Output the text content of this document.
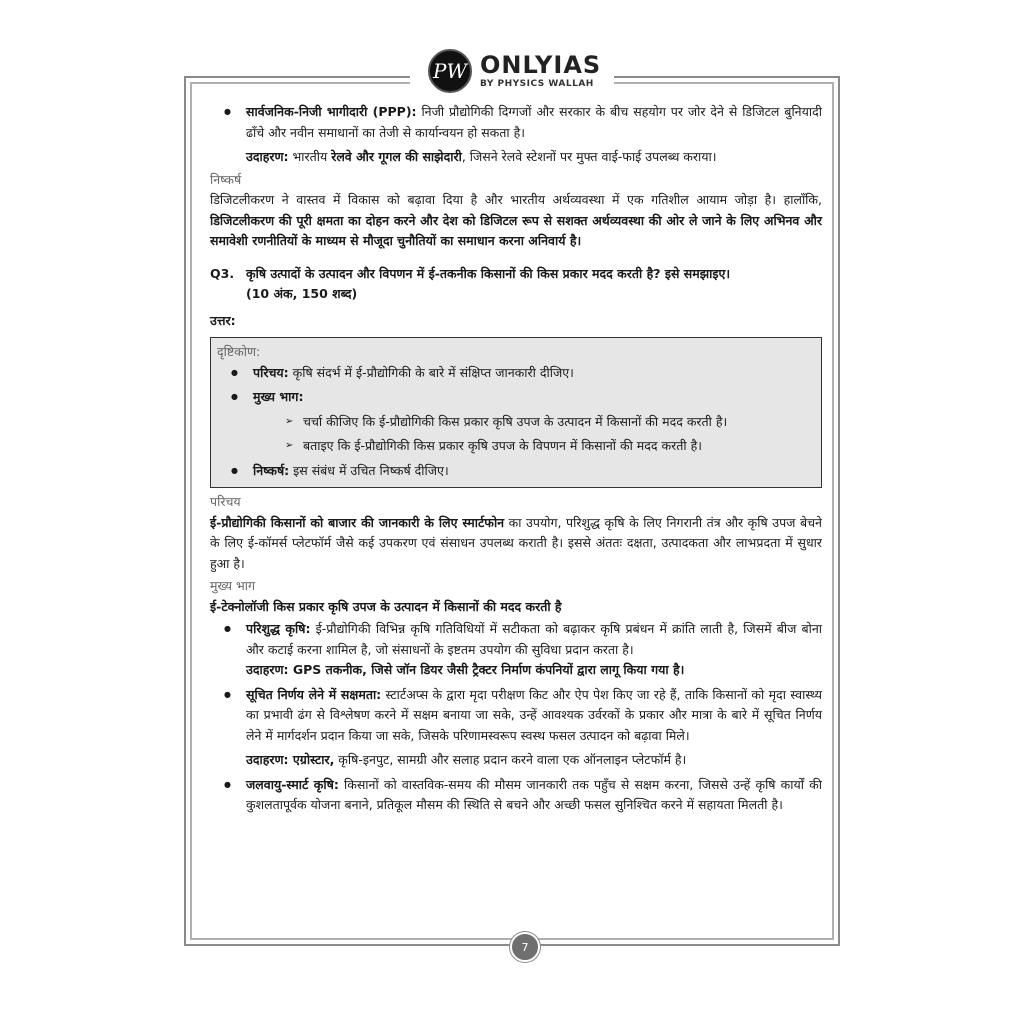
PW ONLYIAS
BY PHYSICS WALLAH
● सार्वजनिक-निजी भागीदारी (PPP): निजी प्रौद्योगिकी दिग्गजों और सरकार के बीच सहयोग पर जोर देने से डिजिटल बुनियादी ढाँचे और नवीन समाधानों का तेजी से कार्यान्वयन हो सकता है।
उदाहरण: भारतीय रेलवे और गूगल की साझेदारी, जिसने रेलवे स्टेशनों पर मुफ्त वाई-फाई उपलब्ध कराया।
निष्कर्ष
डिजिटलीकरण ने वास्तव में विकास को बढ़ावा दिया है और भारतीय अर्थव्यवस्था में एक गतिशील आयाम जोड़ा है। हालाँकि, डिजिटलीकरण की पूरी क्षमता का दोहन करने और देश को डिजिटल रूप से सशक्त अर्थव्यवस्था की ओर ले जाने के लिए अभिनव और समावेशी रणनीतियों के माध्यम से मौजूदा चुनौतियों का समाधान करना अनिवार्य है।
Q3. कृषि उत्पादों के उत्पादन और विपणन में ई-तकनीक किसानों की किस प्रकार मदद करती है? इसे समझाइए।
(10 अंक, 150 शब्द)
उत्तर:
दृष्टिकोण:
● परिचय: कृषि संदर्भ में ई-प्रौद्योगिकी के बारे में संक्षिप्त जानकारी दीजिए।
● मुख्य भाग:
➢ चर्चा कीजिए कि ई-प्रौद्योगिकी किस प्रकार कृषि उपज के उत्पादन में किसानों की मदद करती है।
➢ बताइए कि ई-प्रौद्योगिकी किस प्रकार कृषि उपज के विपणन में किसानों की मदद करती है।
● निष्कर्ष: इस संबंध में उचित निष्कर्ष दीजिए।
परिचय
ई-प्रौद्योगिकी किसानों को बाजार की जानकारी के लिए स्मार्टफोन का उपयोग, परिशुद्ध कृषि के लिए निगरानी तंत्र और कृषि उपज बेचने के लिए ई-कॉमर्स प्लेटफॉर्म जैसे कई उपकरण एवं संसाधन उपलब्ध कराती है। इससे अंततः दक्षता, उत्पादकता और लाभप्रदता में सुधार हुआ है।
मुख्य भाग
ई-टेक्नोलॉजी किस प्रकार कृषि उपज के उत्पादन में किसानों की मदद करती है
● परिशुद्ध कृषि: ई-प्रौद्योगिकी विभिन्न कृषि गतिविधियों में सटीकता को बढ़ाकर कृषि प्रबंधन में क्रांति लाती है, जिसमें बीज बोना और कटाई करना शामिल है, जो संसाधनों के इष्टतम उपयोग की सुविधा प्रदान करता है।
उदाहरण: GPS तकनीक, जिसे जॉन डियर जैसी ट्रैक्टर निर्माण कंपनियों द्वारा लागू किया गया है।
● सूचित निर्णय लेने में सक्षमता: स्टार्टअप्स के द्वारा मृदा परीक्षण किट और ऐप पेश किए जा रहे हैं, ताकि किसानों को मृदा स्वास्थ्य का प्रभावी ढंग से विश्लेषण करने में सक्षम बनाया जा सके, उन्हें आवश्यक उर्वरकों के प्रकार और मात्रा के बारे में सूचित निर्णय लेने में मार्गदर्शन प्रदान किया जा सके, जिसके परिणामस्वरूप स्वस्थ फसल उत्पादन को बढ़ावा मिले।
उदाहरण: एग्रोस्टार, कृषि-इनपुट, सामग्री और सलाह प्रदान करने वाला एक ऑनलाइन प्लेटफॉर्म है।
● जलवायु-स्मार्ट कृषि: किसानों को वास्तविक-समय की मौसम जानकारी तक पहुँच से सक्षम करना, जिससे उन्हें कृषि कार्यों की कुशलतापूर्वक योजना बनाने, प्रतिकूल मौसम की स्थिति से बचने और अच्छी फसल सुनिश्चित करने में सहायता मिलती है।
7
